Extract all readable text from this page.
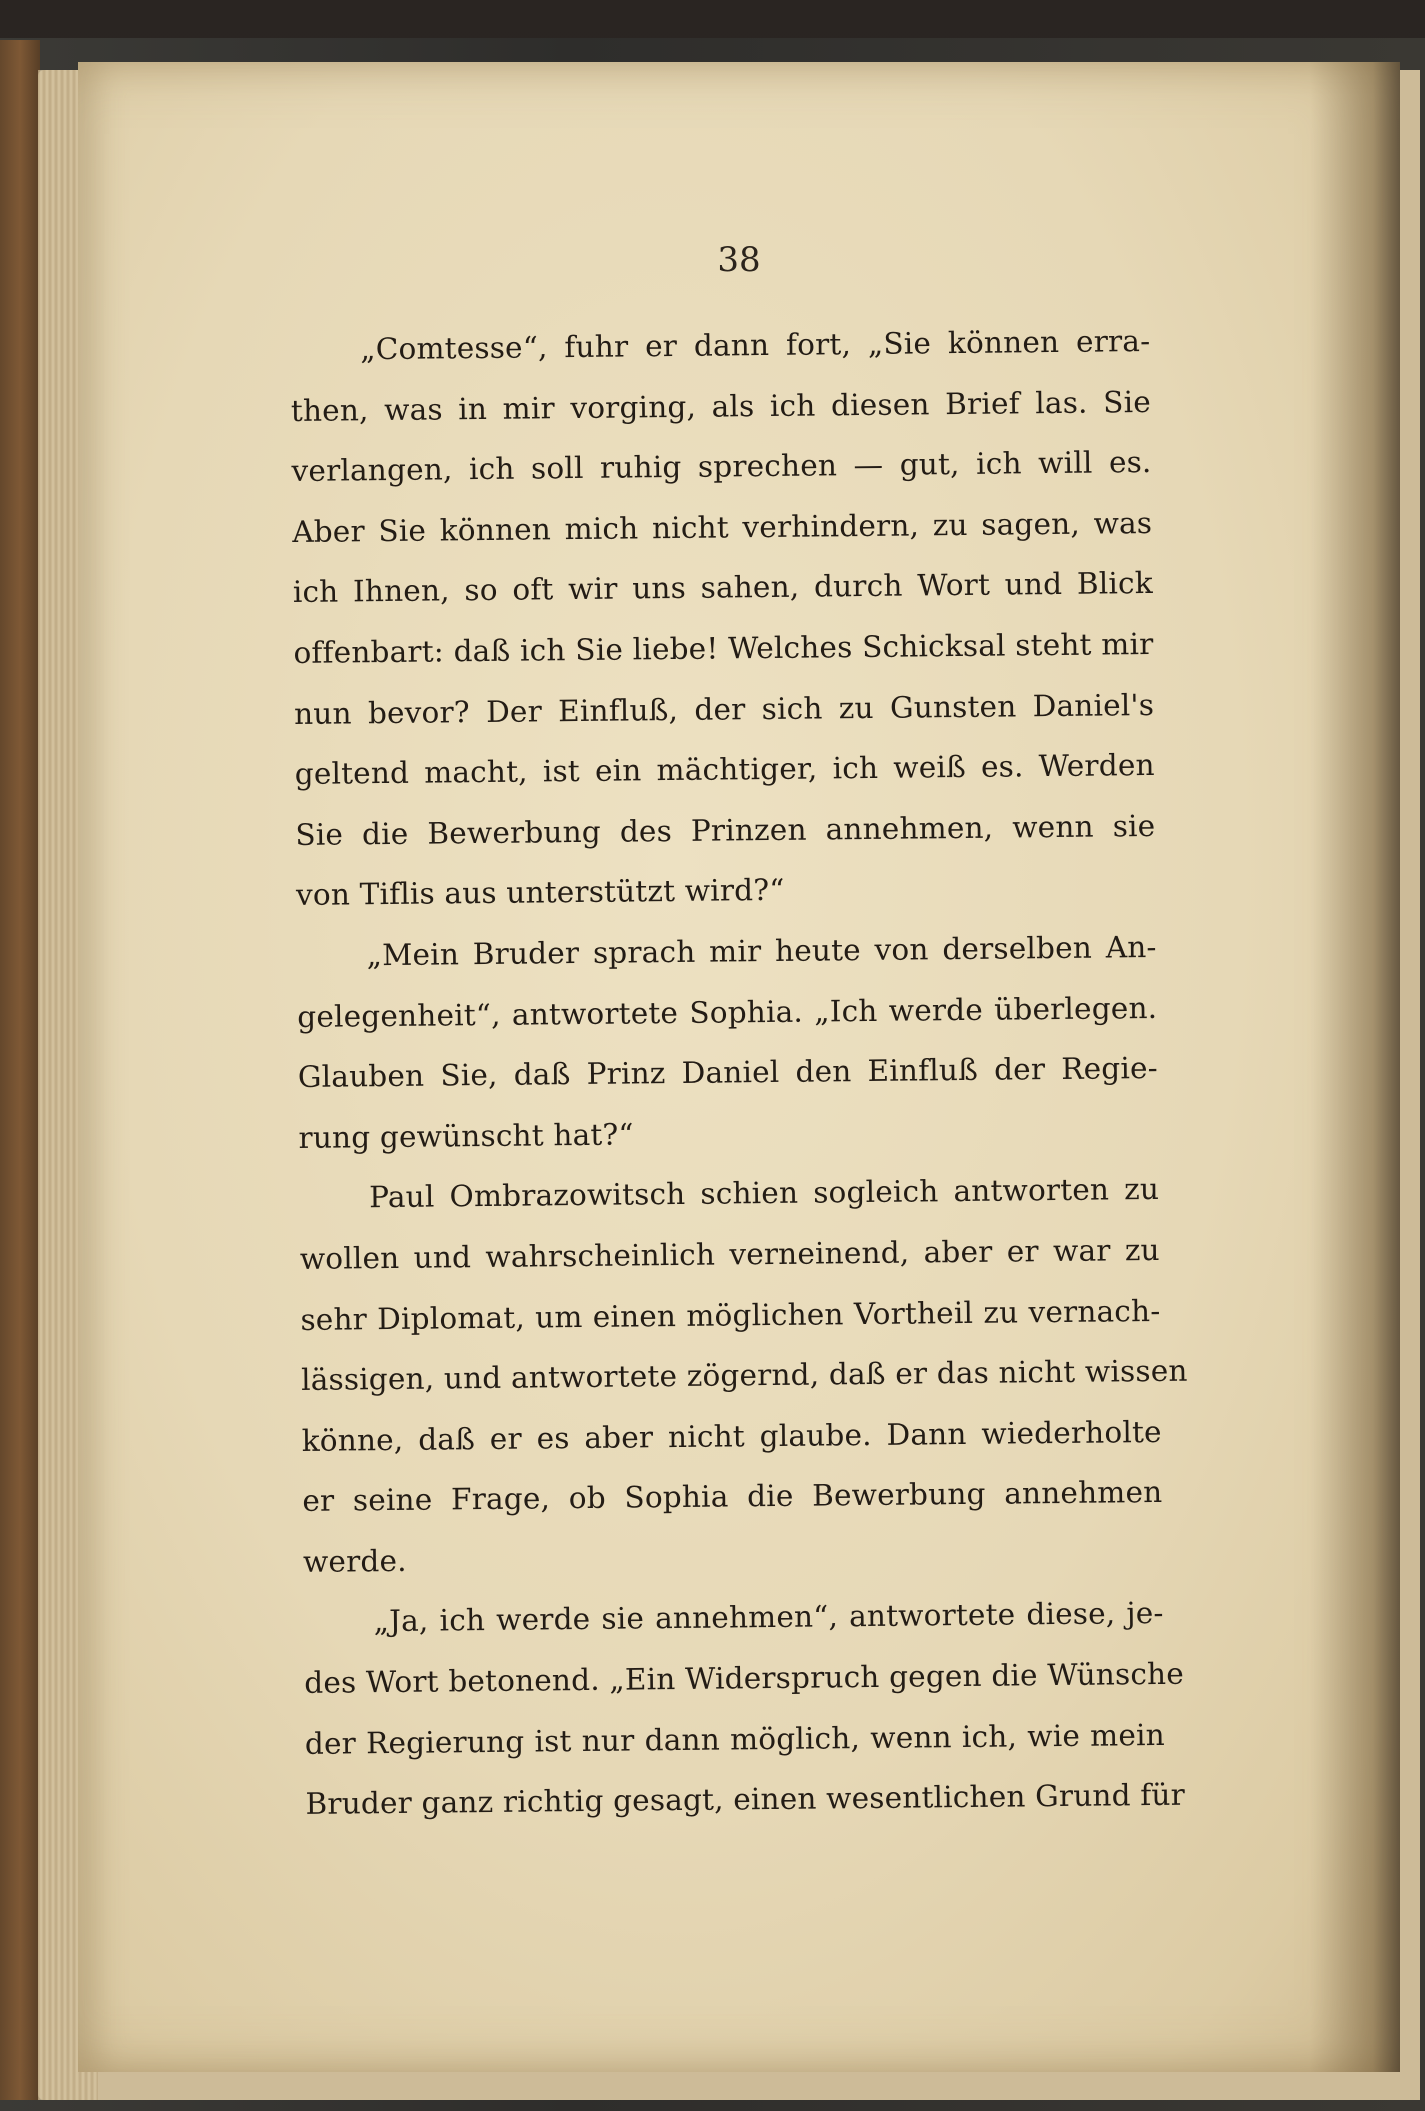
38

„Comtesse“, fuhr er dann fort, „Sie können erra-
then, was in mir vorging, als ich diesen Brief las. Sie
verlangen, ich soll ruhig sprechen — gut, ich will es.
Aber Sie können mich nicht verhindern, zu sagen, was
ich Ihnen, so oft wir uns sahen, durch Wort und Blick
offenbart: daß ich Sie liebe! Welches Schicksal steht mir
nun bevor? Der Einfluß, der sich zu Gunsten Daniel's
geltend macht, ist ein mächtiger, ich weiß es. Werden
Sie die Bewerbung des Prinzen annehmen, wenn sie
von Tiflis aus unterstützt wird?“
„Mein Bruder sprach mir heute von derselben An-
gelegenheit“, antwortete Sophia. „Ich werde überlegen.
Glauben Sie, daß Prinz Daniel den Einfluß der Regie-
rung gewünscht hat?“
Paul Ombrazowitsch schien sogleich antworten zu
wollen und wahrscheinlich verneinend, aber er war zu
sehr Diplomat, um einen möglichen Vortheil zu vernach-
lässigen, und antwortete zögernd, daß er das nicht wissen
könne, daß er es aber nicht glaube. Dann wiederholte
er seine Frage, ob Sophia die Bewerbung annehmen
werde.
„Ja, ich werde sie annehmen“, antwortete diese, je-
des Wort betonend. „Ein Widerspruch gegen die Wünsche
der Regierung ist nur dann möglich, wenn ich, wie mein
Bruder ganz richtig gesagt, einen wesentlichen Grund für
